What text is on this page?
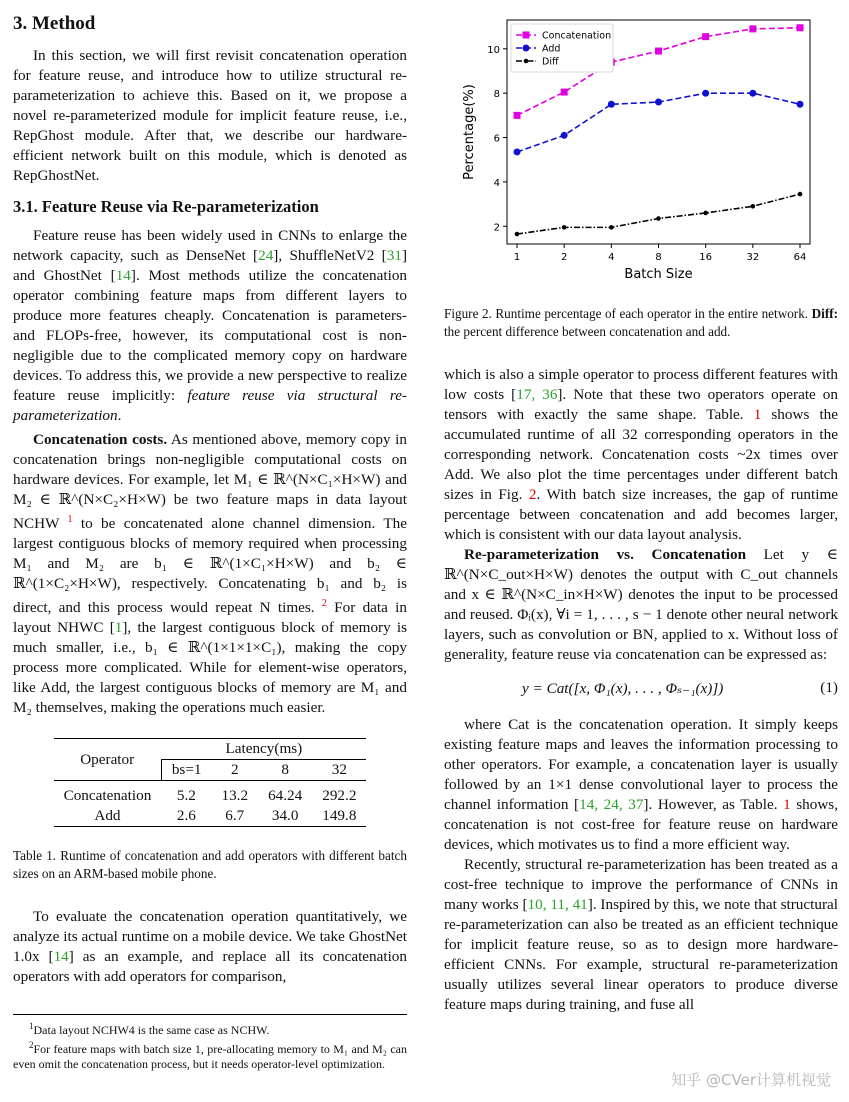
3. Method

In this section, we will first revisit concatenation operation for feature reuse, and introduce how to utilize structural re-parameterization to achieve this. Based on it, we propose a novel re-parameterized module for implicit feature reuse, i.e., RepGhost module. After that, we describe our hardware-efficient network built on this module, which is denoted as RepGhostNet.

3.1. Feature Reuse via Re-parameterization

Feature reuse has been widely used in CNNs to enlarge the network capacity, such as DenseNet [24], ShuffleNetV2 [31] and GhostNet [14]. Most methods utilize the concatenation operator combining feature maps from different layers to produce more features cheaply. Concatenation is parameters- and FLOPs-free, however, its computational cost is non-negligible due to the complicated memory copy on hardware devices. To address this, we provide a new perspective to realize feature reuse implicitly: feature reuse via structural re-parameterization.

Concatenation costs. As mentioned above, memory copy in concatenation brings non-negligible computational costs on hardware devices. For example, let M₁ ∈ ℝ^(N×C₁×H×W) and M₂ ∈ ℝ^(N×C₂×H×W) be two feature maps in data layout NCHW $^1$ to be concatenated alone channel dimension. The largest contiguous blocks of memory required when processing M₁ and M₂ are b₁ ∈ ℝ^(1×C₁×H×W) and b₂ ∈ ℝ^(1×C₂×H×W), respectively. Concatenating b₁ and b₂ is direct, and this process would repeat N times. $^2$ For data in layout NHWC [1], the largest contiguous block of memory is much smaller, i.e., b₁ ∈ ℝ^(1×1×1×C₁), making the copy process more complicated. While for element-wise operators, like Add, the largest contiguous blocks of memory are M₁ and M₂ themselves, making the operations much easier.

Operator	Latency(ms)			
	bs=1	2	8	32
Concatenation	5.2	13.2	64.24	292.2
Add	2.6	6.7	34.0	149.8
Table 1. Runtime of concatenation and add operators with different batch sizes on an ARM-based mobile phone.

To evaluate the concatenation operation quantitatively, we analyze its actual runtime on a mobile device. We take GhostNet 1.0x [14] as an example, and replace all its concatenation operators with add operators for comparison,

$^1$Data layout NCHW4 is the same case as NCHW.
$^2$For feature maps with batch size 1, pre-allocating memory to M₁ and M₂ can even omit the concatenation process, but it needs operator-level optimization.
1	2	4	8	16	32	64
2
4
6
8
10
Batch Size
Percentage(%)
Concatenation
Add
Diff
Figure 2. Runtime percentage of each operator in the entire network. Diff: the percent difference between concatenation and add.

which is also a simple operator to process different features with low costs [17, 36]. Note that these two operators operate on tensors with exactly the same shape. Table. 1 shows the accumulated runtime of all 32 corresponding operators in the corresponding network. Concatenation costs ~2x times over Add. We also plot the time percentages under different batch sizes in Fig. 2. With batch size increases, the gap of runtime percentage between concatenation and add becomes larger, which is consistent with our data layout analysis.

Re-parameterization vs. Concatenation Let y ∈ ℝ^(N×C_out×H×W) denotes the output with C_out channels and x ∈ ℝ^(N×C_in×H×W) denotes the input to be processed and reused. Φᵢ(x), ∀i = 1, . . . , s − 1 denote other neural network layers, such as convolution or BN, applied to x. Without loss of generality, feature reuse via concatenation can be expressed as:

y = Cat([x, Φ₁(x), . . . , Φₛ₋₁(x)])	(1)

where Cat is the concatenation operation. It simply keeps existing feature maps and leaves the information processing to other operators. For example, a concatenation layer is usually followed by an 1×1 dense convolutional layer to process the channel information [14, 24, 37]. However, as Table. 1 shows, concatenation is not cost-free for feature reuse on hardware devices, which motivates us to find a more efficient way.

Recently, structural re-parameterization has been treated as a cost-free technique to improve the performance of CNNs in many works [10, 11, 41]. Inspired by this, we note that structural re-parameterization can also be treated as an efficient technique for implicit feature reuse, so as to design more hardware-efficient CNNs. For example, structural re-parameterization usually utilizes several linear operators to produce diverse feature maps during training, and fuse all

知乎 @CVer计算机视觉
